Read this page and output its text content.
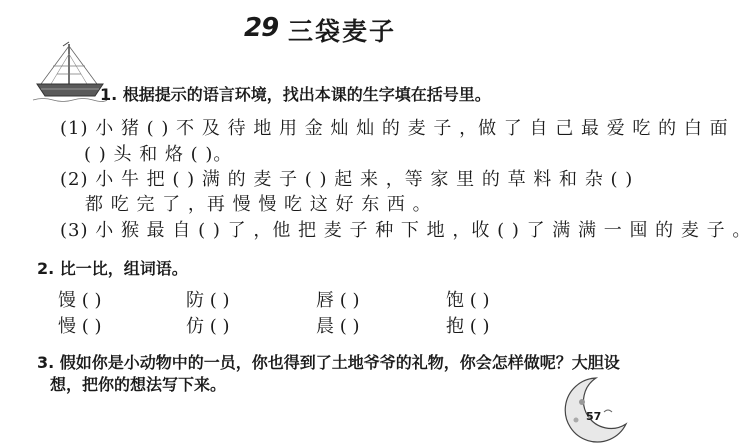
29 三袋麦子
1. 根据提示的语言环境，找出本课的生字填在括号里。
(1) 小 猪 ( ) 不 及 待 地 用 金 灿 灿 的 麦 子 ，做 了 自 己 最 爱 吃 的 白 面
( ) 头 和 烙 ( )。
(2) 小 牛 把 ( ) 满 的 麦 子 ( ) 起 来 ，等 家 里 的 草 料 和 杂 ( )
都 吃 完 了 ，再 慢 慢 吃 这 好 东 西 。
(3) 小 猴 最 自 ( ) 了 ，他 把 麦 子 种 下 地 ，收 ( ) 了 满 满 一 囤 的 麦 子 。
2. 比一比，组词语。
馒 ( )	防 ( )	唇 ( )	饱 ( )
慢 ( )	仿 ( )	晨 ( )	抱 ( )
3. 假如你是小动物中的一员，你也得到了土地爷爷的礼物，你会怎样做呢？大胆设
想，把你的想法写下来。
57
